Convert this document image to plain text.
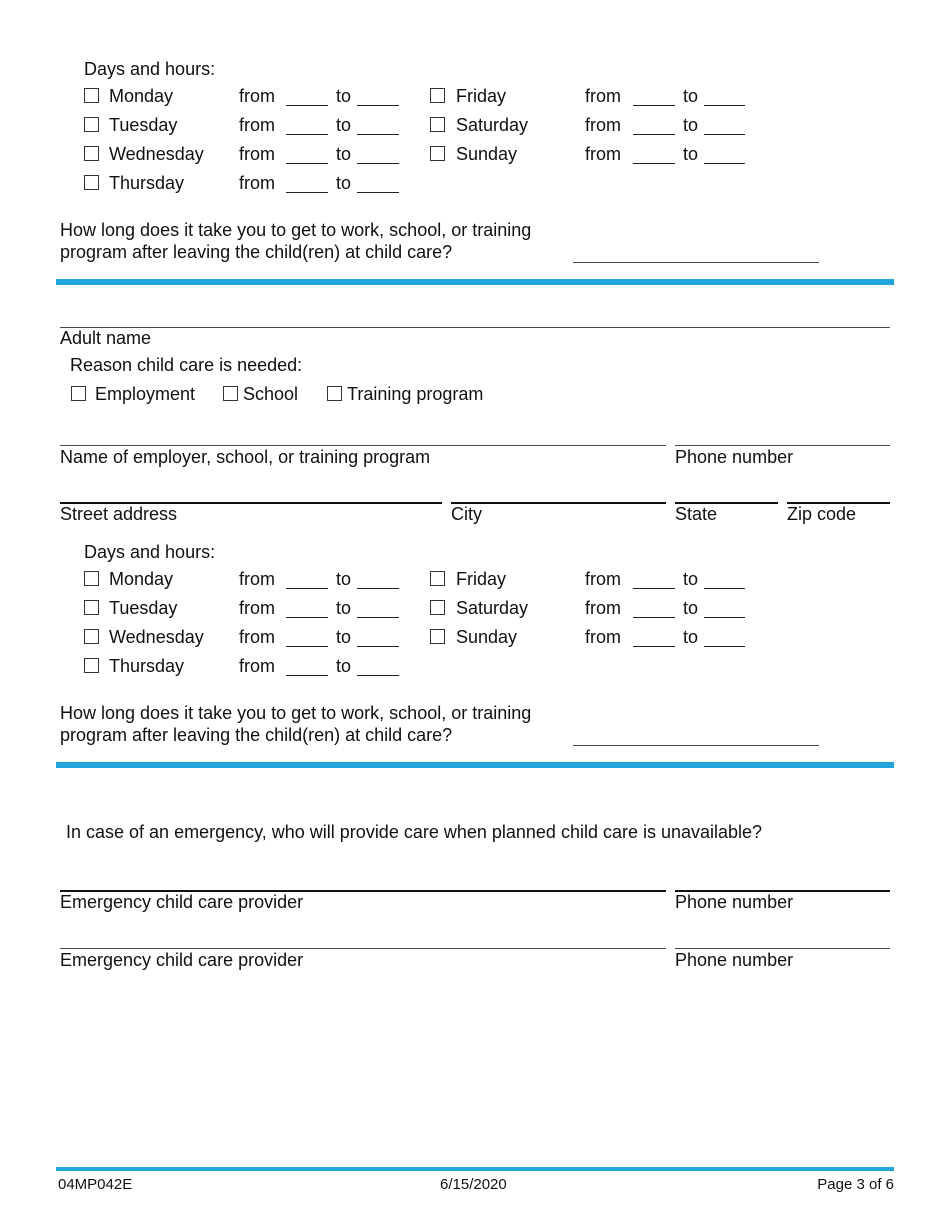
Days and hours:
Monday	from	to
Tuesday	from	to
Wednesday from	to
Thursday	from	to
Friday	from	to
Saturday	from	to
Sunday	from	to
How long does it take you to get to work, school, or training
program after leaving the child(ren) at child care?
Adult name
Reason child care is needed:
Employment	School	Training program
Name of employer, school, or training program	Phone number
Street address	City	State	Zip code
Days and hours:
Monday	from	to
Tuesday	from	to
Wednesday from	to
Thursday	from	to
Friday	from	to
Saturday	from	to
Sunday	from	to
How long does it take you to get to work, school, or training
program after leaving the child(ren) at child care?
In case of an emergency, who will provide care when planned child care is unavailable?
Emergency child care provider	Phone number
Emergency child care provider	Phone number
04MP042E	6/15/2020	Page 3 of 6
